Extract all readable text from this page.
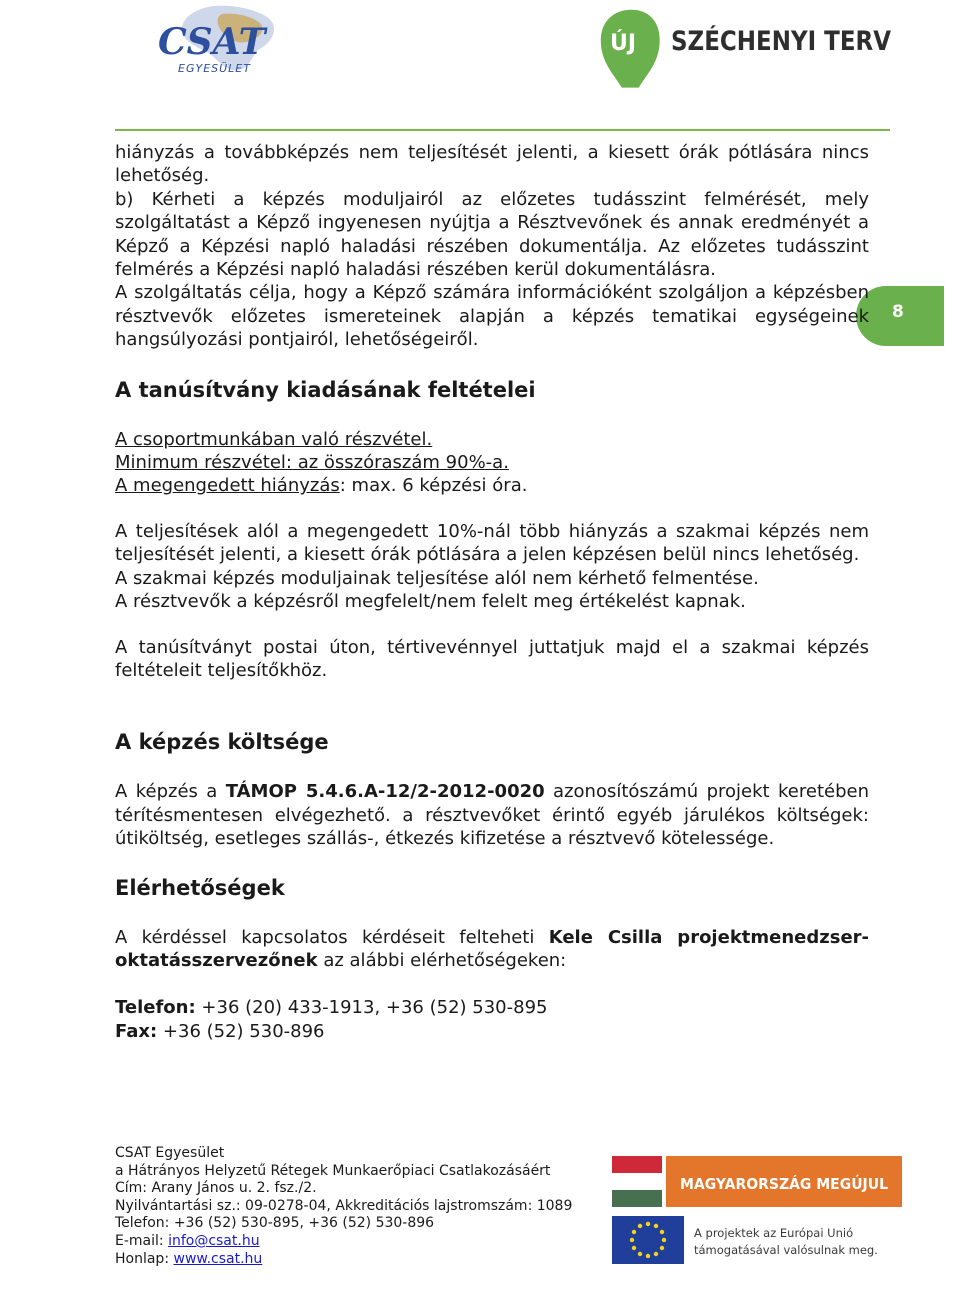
CSAT
EGYESÜLET
ÚJ SZÉCHENYI TERV
8

hiányzás a továbbképzés nem teljesítését jelenti, a kiesett órák pótlására nincs lehetőség.

b) Kérheti a képzés moduljairól az előzetes tudásszint felmérését, mely szolgáltatást a Képző ingyenesen nyújtja a Résztvevőnek és annak eredményét a Képző a Képzési napló haladási részében dokumentálja. Az előzetes tudásszint felmérés a Képzési napló haladási részében kerül dokumentálásra.

A szolgáltatás célja, hogy a Képző számára információként szolgáljon a képzésben résztvevők előzetes ismereteinek alapján a képzés tematikai egységeinek hangsúlyozási pontjairól, lehetőségeiről.

A tanúsítvány kiadásának feltételei

A csoportmunkában való részvétel.

Minimum részvétel: az összóraszám 90%-a.

A megengedett hiányzás: max. 6 képzési óra.

A teljesítések alól a megengedett 10%-nál több hiányzás a szakmai képzés nem teljesítését jelenti, a kiesett órák pótlására a jelen képzésen belül nincs lehetőség.

A szakmai képzés moduljainak teljesítése alól nem kérhető felmentése.

A résztvevők a képzésről megfelelt/nem felelt meg értékelést kapnak.

A tanúsítványt postai úton, tértivevénnyel juttatjuk majd el a szakmai képzés feltételeit teljesítőkhöz.

A képzés költsége

A képzés a TÁMOP 5.4.6.A-12/2-2012-0020 azonosítószámú projekt keretében térítésmentesen elvégezhető. a résztvevőket érintő egyéb járulékos költségek: útiköltség, esetleges szállás-, étkezés kifizetése a résztvevő kötelessége.

Elérhetőségek

A kérdéssel kapcsolatos kérdéseit felteheti Kele Csilla projektmenedzser-oktatásszervezőnek az alábbi elérhetőségeken:

Telefon: +36 (20) 433-1913, +36 (52) 530-895

Fax: +36 (52) 530-896

CSAT Egyesület

a Hátrányos Helyzetű Rétegek Munkaerőpiaci Csatlakozásáért

Cím: Arany János u. 2. fsz./2.

Nyilvántartási sz.: 09-0278-04, Akkreditációs lajstromszám: 1089

Telefon: +36 (52) 530-895, +36 (52) 530-896

E-mail: info@csat.hu

Honlap: www.csat.hu

MAGYARORSZÁG MEGÚJUL
A projektek az Európai Unió
támogatásával valósulnak meg.
